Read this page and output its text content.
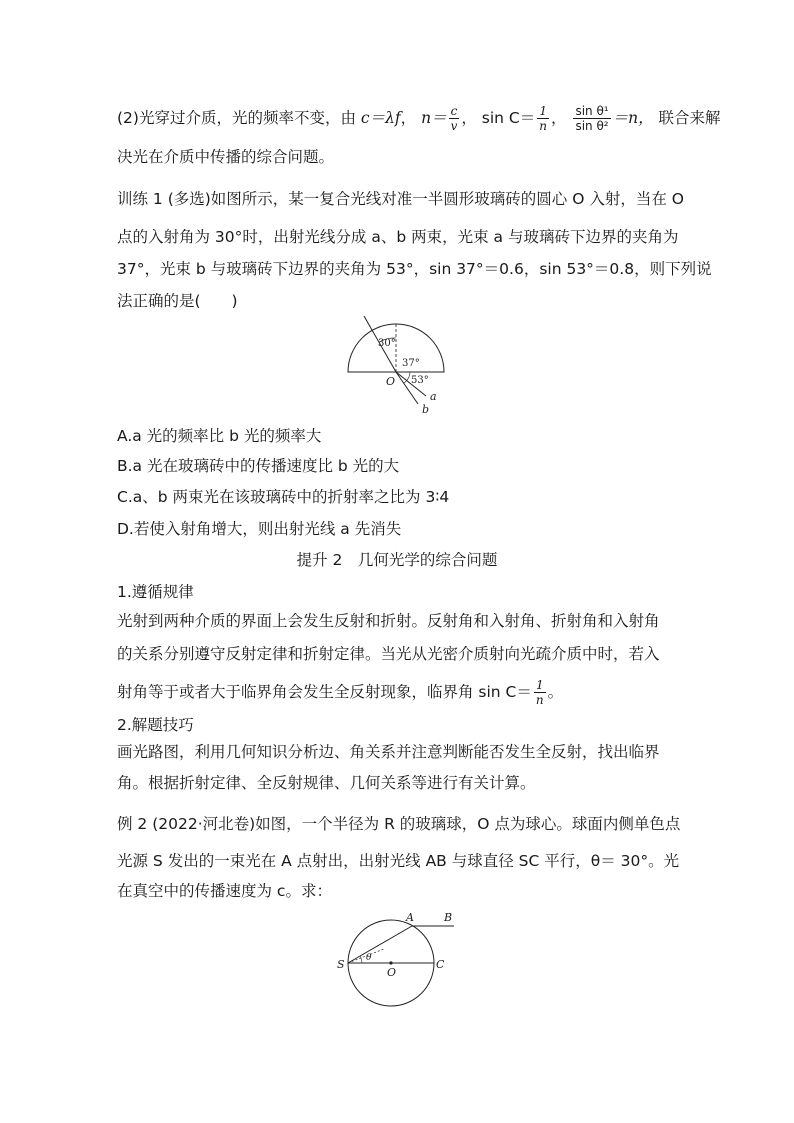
(2)光穿过介质，光的频率不变，由 c＝λf， $n= \frac{c}{v}$ ， $\sin C= \frac{1}{n}$ ， $\frac{\text{sin θ¹}}{\text{sin θ²}} =n$， 联合来解
决光在介质中传播的综合问题。
训练 1 (多选)如图所示，某一复合光线对准一半圆形玻璃砖的圆心 O 入射，当在 O
点的入射角为 30°时，出射光线分成 a、b 两束，光束 a 与玻璃砖下边界的夹角为
37°，光束 b 与玻璃砖下边界的夹角为 53°，sin 37°＝0.6，sin 53°＝0.8，则下列说
法正确的是(　　)
30°
37°
53°
O
a
b
A.a 光的频率比 b 光的频率大
B.a 光在玻璃砖中的传播速度比 b 光的大
C.a、b 两束光在该玻璃砖中的折射率之比为 3∶4
D.若使入射角增大，则出射光线 a 先消失
提升 2　几何光学的综合问题
1.遵循规律
光射到两种介质的界面上会发生反射和折射。反射角和入射角、折射角和入射角
的关系分别遵守反射定律和折射定律。当光从光密介质射向光疏介质中时，若入
射角等于或者大于临界角会发生全反射现象，临界角 $\sin C= \frac{1}{n}$ 。
2.解题技巧
画光路图，利用几何知识分析边、角关系并注意判断能否发生全反射，找出临界
角。根据折射定律、全反射规律、几何关系等进行有关计算。
例 2 (2022·河北卷)如图，一个半径为 R 的玻璃球，O 点为球心。球面内侧单色点
光源 S 发出的一束光在 A 点射出，出射光线 AB 与球直径 SC 平行，θ＝ 30°。光
在真空中的传播速度为 c。求：
S
O
C
A	B
θ
